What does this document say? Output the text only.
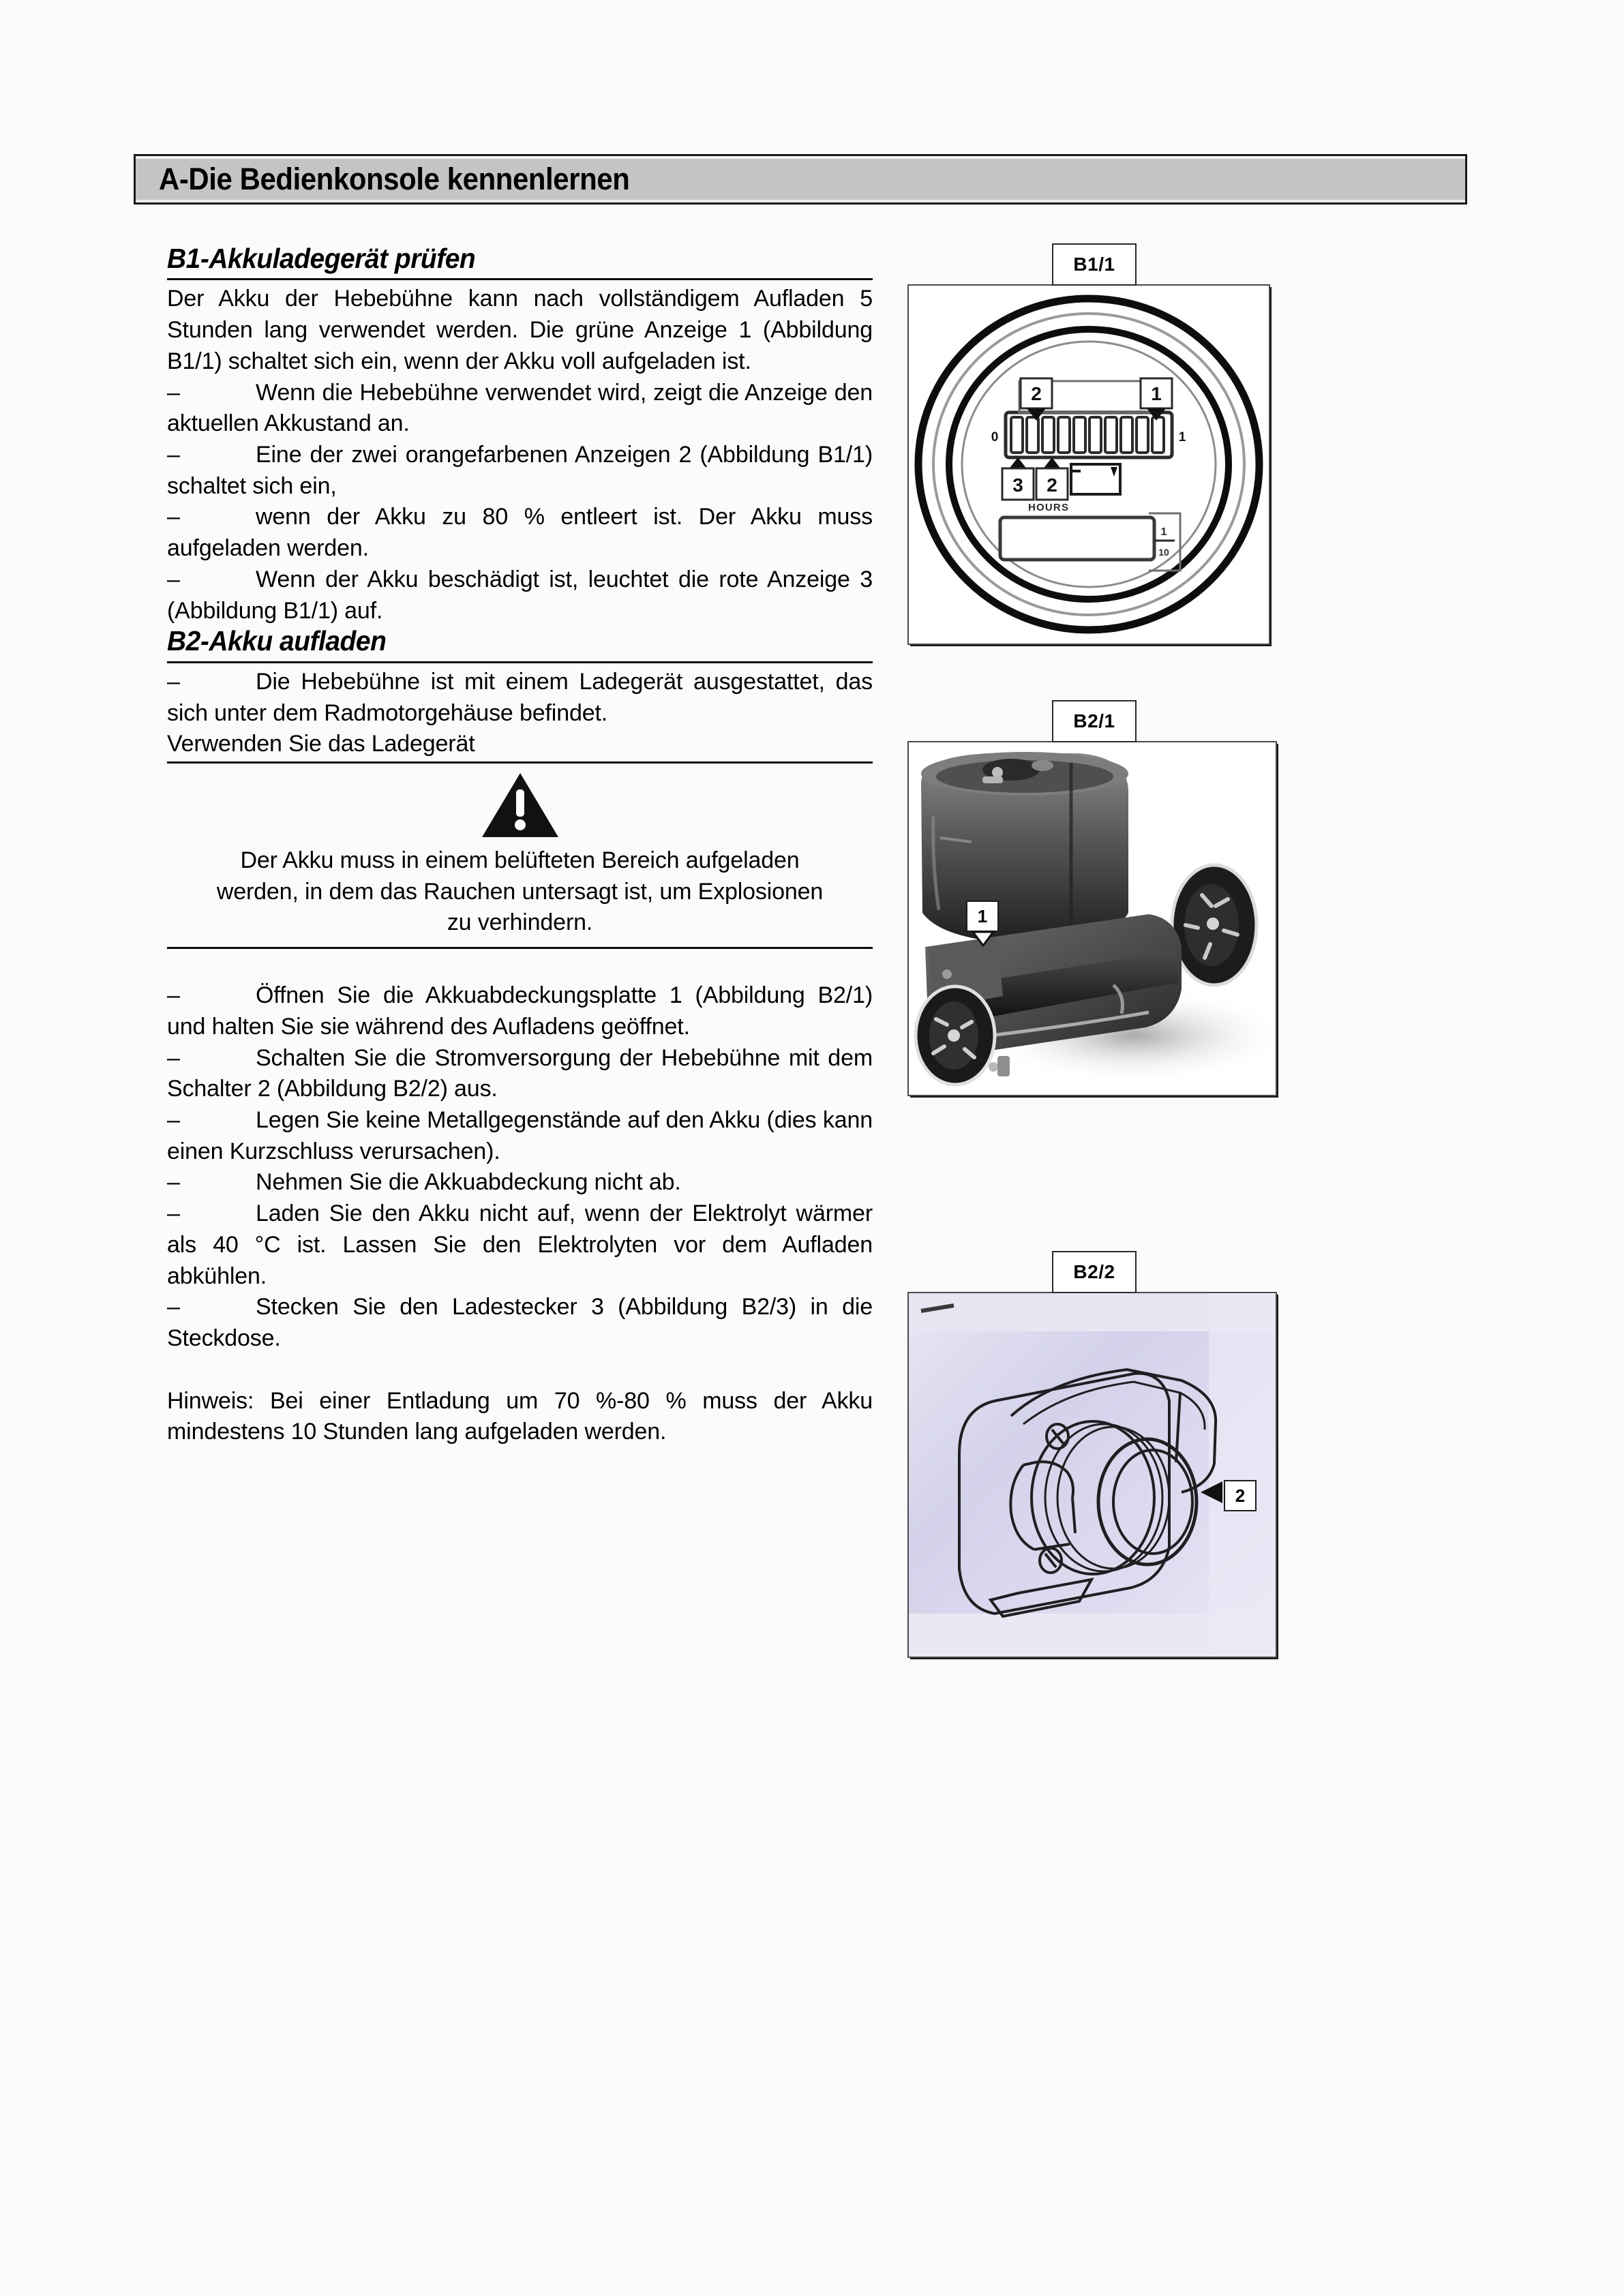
A-Die Bedienkonsole kennenlernen
B1-Akkuladegerät prüfen

Der Akku der Hebebühne kann nach vollständigem Aufladen 5 Stunden lang verwendet werden. Die grüne Anzeige 1 (Abbildung B1/1) schaltet sich ein, wenn der Akku voll aufgeladen ist.

–	Wenn die Hebebühne verwendet wird, zeigt die Anzeige den aktuellen Akkustand an.

–	Eine der zwei orangefarbenen Anzeigen 2 (Abbildung B1/1) schaltet sich ein,

–	wenn der Akku zu 80 % entleert ist. Der Akku muss aufgeladen werden.

–	Wenn der Akku beschädigt ist, leuchtet die rote Anzeige 3 (Abbildung B1/1) auf.

B2-Akku aufladen

–	Die Hebebühne ist mit einem Ladegerät ausgestattet, das sich unter dem Radmotorgehäuse befindet.

Verwenden Sie das Ladegerät

Der Akku muss in einem belüfteten Bereich aufgeladen werden, in dem das Rauchen untersagt ist, um Explosionen zu verhindern.

–	Öffnen Sie die Akkuabdeckungsplatte 1 (Abbildung B2/1) und halten Sie sie während des Aufladens geöffnet.

–	Schalten Sie die Stromversorgung der Hebebühne mit dem Schalter 2 (Abbildung B2/2) aus.

–	Legen Sie keine Metallgegenstände auf den Akku (dies kann einen Kurzschluss verursachen).

–	Nehmen Sie die Akkuabdeckung nicht ab.

–	Laden Sie den Akku nicht auf, wenn der Elektrolyt wärmer als 40 °C ist. Lassen Sie den Elektrolyten vor dem Aufladen abkühlen.

–	Stecken Sie den Ladestecker 3 (Abbildung B2/3) in die Steckdose.

Hinweis: Bei einer Entladung um 70 %-80 % muss der Akku mindestens 10 Stunden lang aufgeladen werden.

B1/1
0	1
2	1
3 2
HOURS
1
10
B2/1
1
B2/2
2
